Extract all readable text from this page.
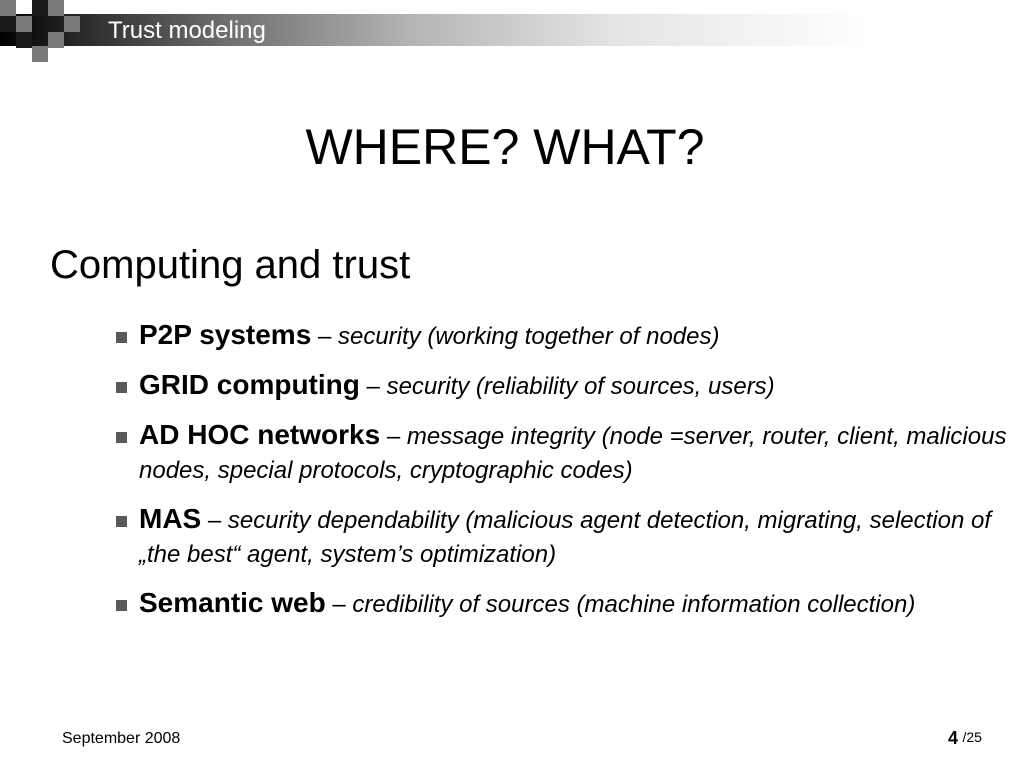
Trust modeling
WHERE? WHAT?
Computing and trust
P2P systems – security (working together of nodes)
GRID computing – security (reliability of sources, users)
AD HOC networks – message integrity (node =server, router, client, malicious nodes, special protocols, cryptographic codes)
MAS – security dependability (malicious agent detection, migrating, selection of „the best“ agent, system’s optimization)
Semantic web – credibility of sources (machine information collection)
September 2008	4 /25
